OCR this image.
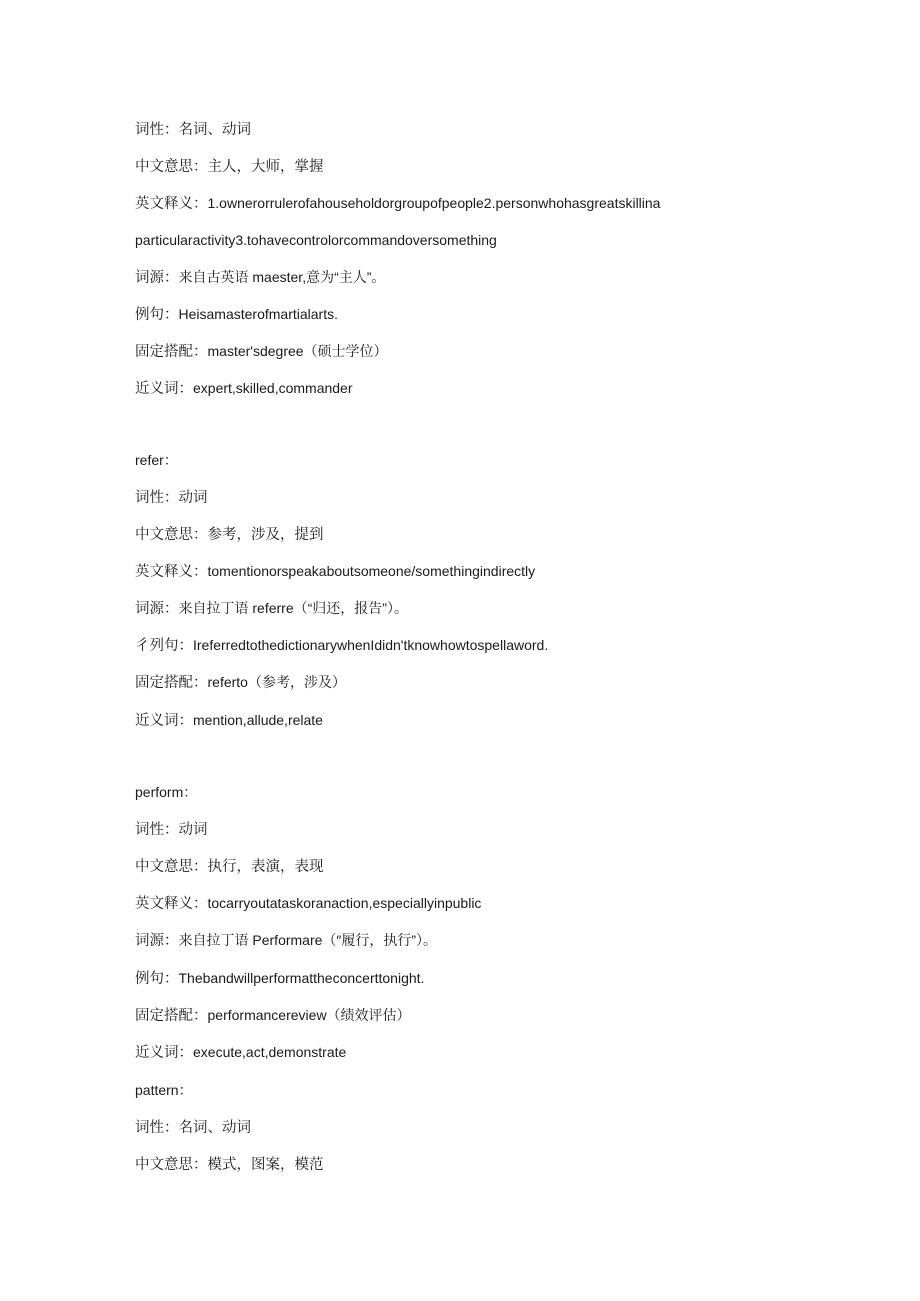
词性：名词、动词
中文意思：主人，大师，掌握
英文释义：1.ownerorrulerofahouseholdorgroupofpeople2.personwhohasgreatskillina
particularactivity3.tohavecontrolorcommandoversomething
词源：来自古英语 maester,意为“主人”。
例句：Heisamasterofmartialarts.
固定搭配：master'sdegree（硕士学位）
近义词：expert,skilled,commander
refer：
词性：动词
中文意思：参考，涉及，提到
英文释义：tomentionorspeakaboutsomeone/somethingindirectly
词源：来自拉丁语 referre（“归还，报告”）。
彳列句：IreferredtothedictionarywhenIdidn'tknowhowtospellaword.
固定搭配：referto（参考，涉及）
近义词：mention,allude,relate
perform：
词性：动词
中文意思：执行，表演，表现
英文释义：tocarryoutataskoranaction,especiallyinpublic
词源：来自拉丁语 Performare（″履行，执行”）。
例句：Thebandwillperformattheconcerttonight.
固定搭配：performancereview（绩效评估）
近义词：execute,act,demonstrate
pattern：
词性：名词、动词
中文意思：模式，图案，模范
